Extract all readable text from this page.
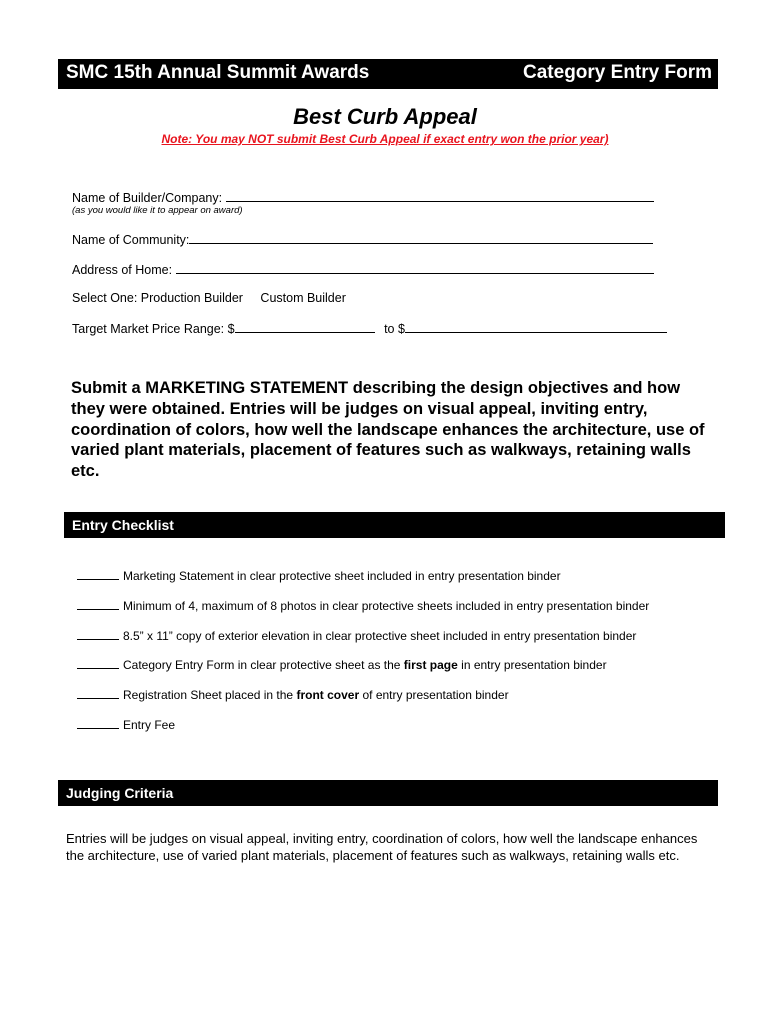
SMC 15th Annual Summit Awards	Category Entry Form
Best Curb Appeal
Note: You may NOT submit Best Curb Appeal if exact entry won the prior year)
Name of Builder/Company:
(as you would like it to appear on award)
Name of Community:
Address of Home:
Select One: Production Builder Custom Builder
Target Market Price Range: $	to $
Submit a MARKETING STATEMENT describing the design objectives and how they were obtained. Entries will be judges on visual appeal, inviting entry, coordination of colors, how well the landscape enhances the architecture, use of varied plant materials, placement of features such as walkways, retaining walls etc.
Entry Checklist
Marketing Statement in clear protective sheet included in entry presentation binder
Minimum of 4, maximum of 8 photos in clear protective sheets included in entry presentation binder
8.5” x 11” copy of exterior elevation in clear protective sheet included in entry presentation binder
Category Entry Form in clear protective sheet as the first page in entry presentation binder
Registration Sheet placed in the front cover of entry presentation binder
Entry Fee
Judging Criteria
Entries will be judges on visual appeal, inviting entry, coordination of colors, how well the landscape enhances the architecture, use of varied plant materials, placement of features such as walkways, retaining walls etc.
